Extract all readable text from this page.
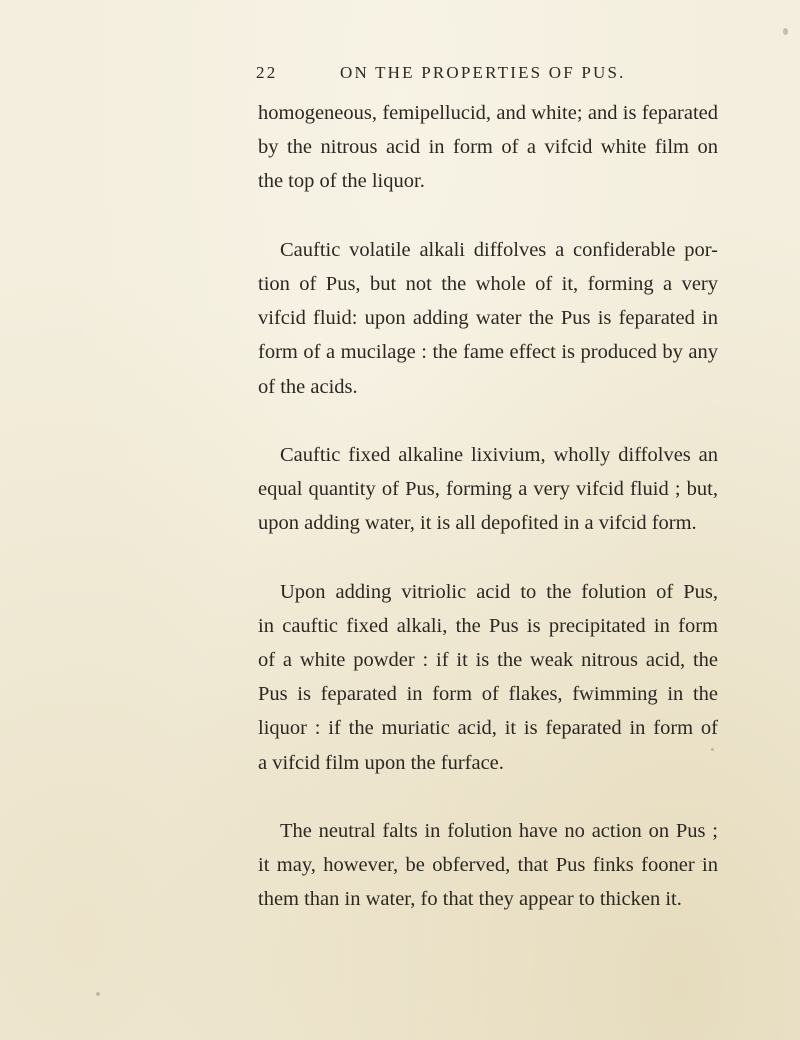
22	ON THE PROPERTIES OF PUS.
homogeneous, femipellucid, and white; and is feparated
by the nitrous acid in form of a vifcid white film on
the top of the liquor.
Cauftic volatile alkali diffolves a confiderable por-
tion of Pus, but not the whole of it, forming a very
vifcid fluid: upon adding water the Pus is feparated in
form of a mucilage : the fame effect is produced by any
of the acids.
Cauftic fixed alkaline lixivium, wholly diffolves an
equal quantity of Pus, forming a very vifcid fluid ; but,
upon adding water, it is all depofited in a vifcid form.
Upon adding vitriolic acid to the folution of Pus,
in cauftic fixed alkali, the Pus is precipitated in form
of a white powder : if it is the weak nitrous acid, the
Pus is feparated in form of flakes, fwimming in the
liquor : if the muriatic acid, it is feparated in form of
a vifcid film upon the furface.
The neutral falts in folution have no action on Pus ;
it may, however, be obferved, that Pus finks fooner in
them than in water, fo that they appear to thicken it.
